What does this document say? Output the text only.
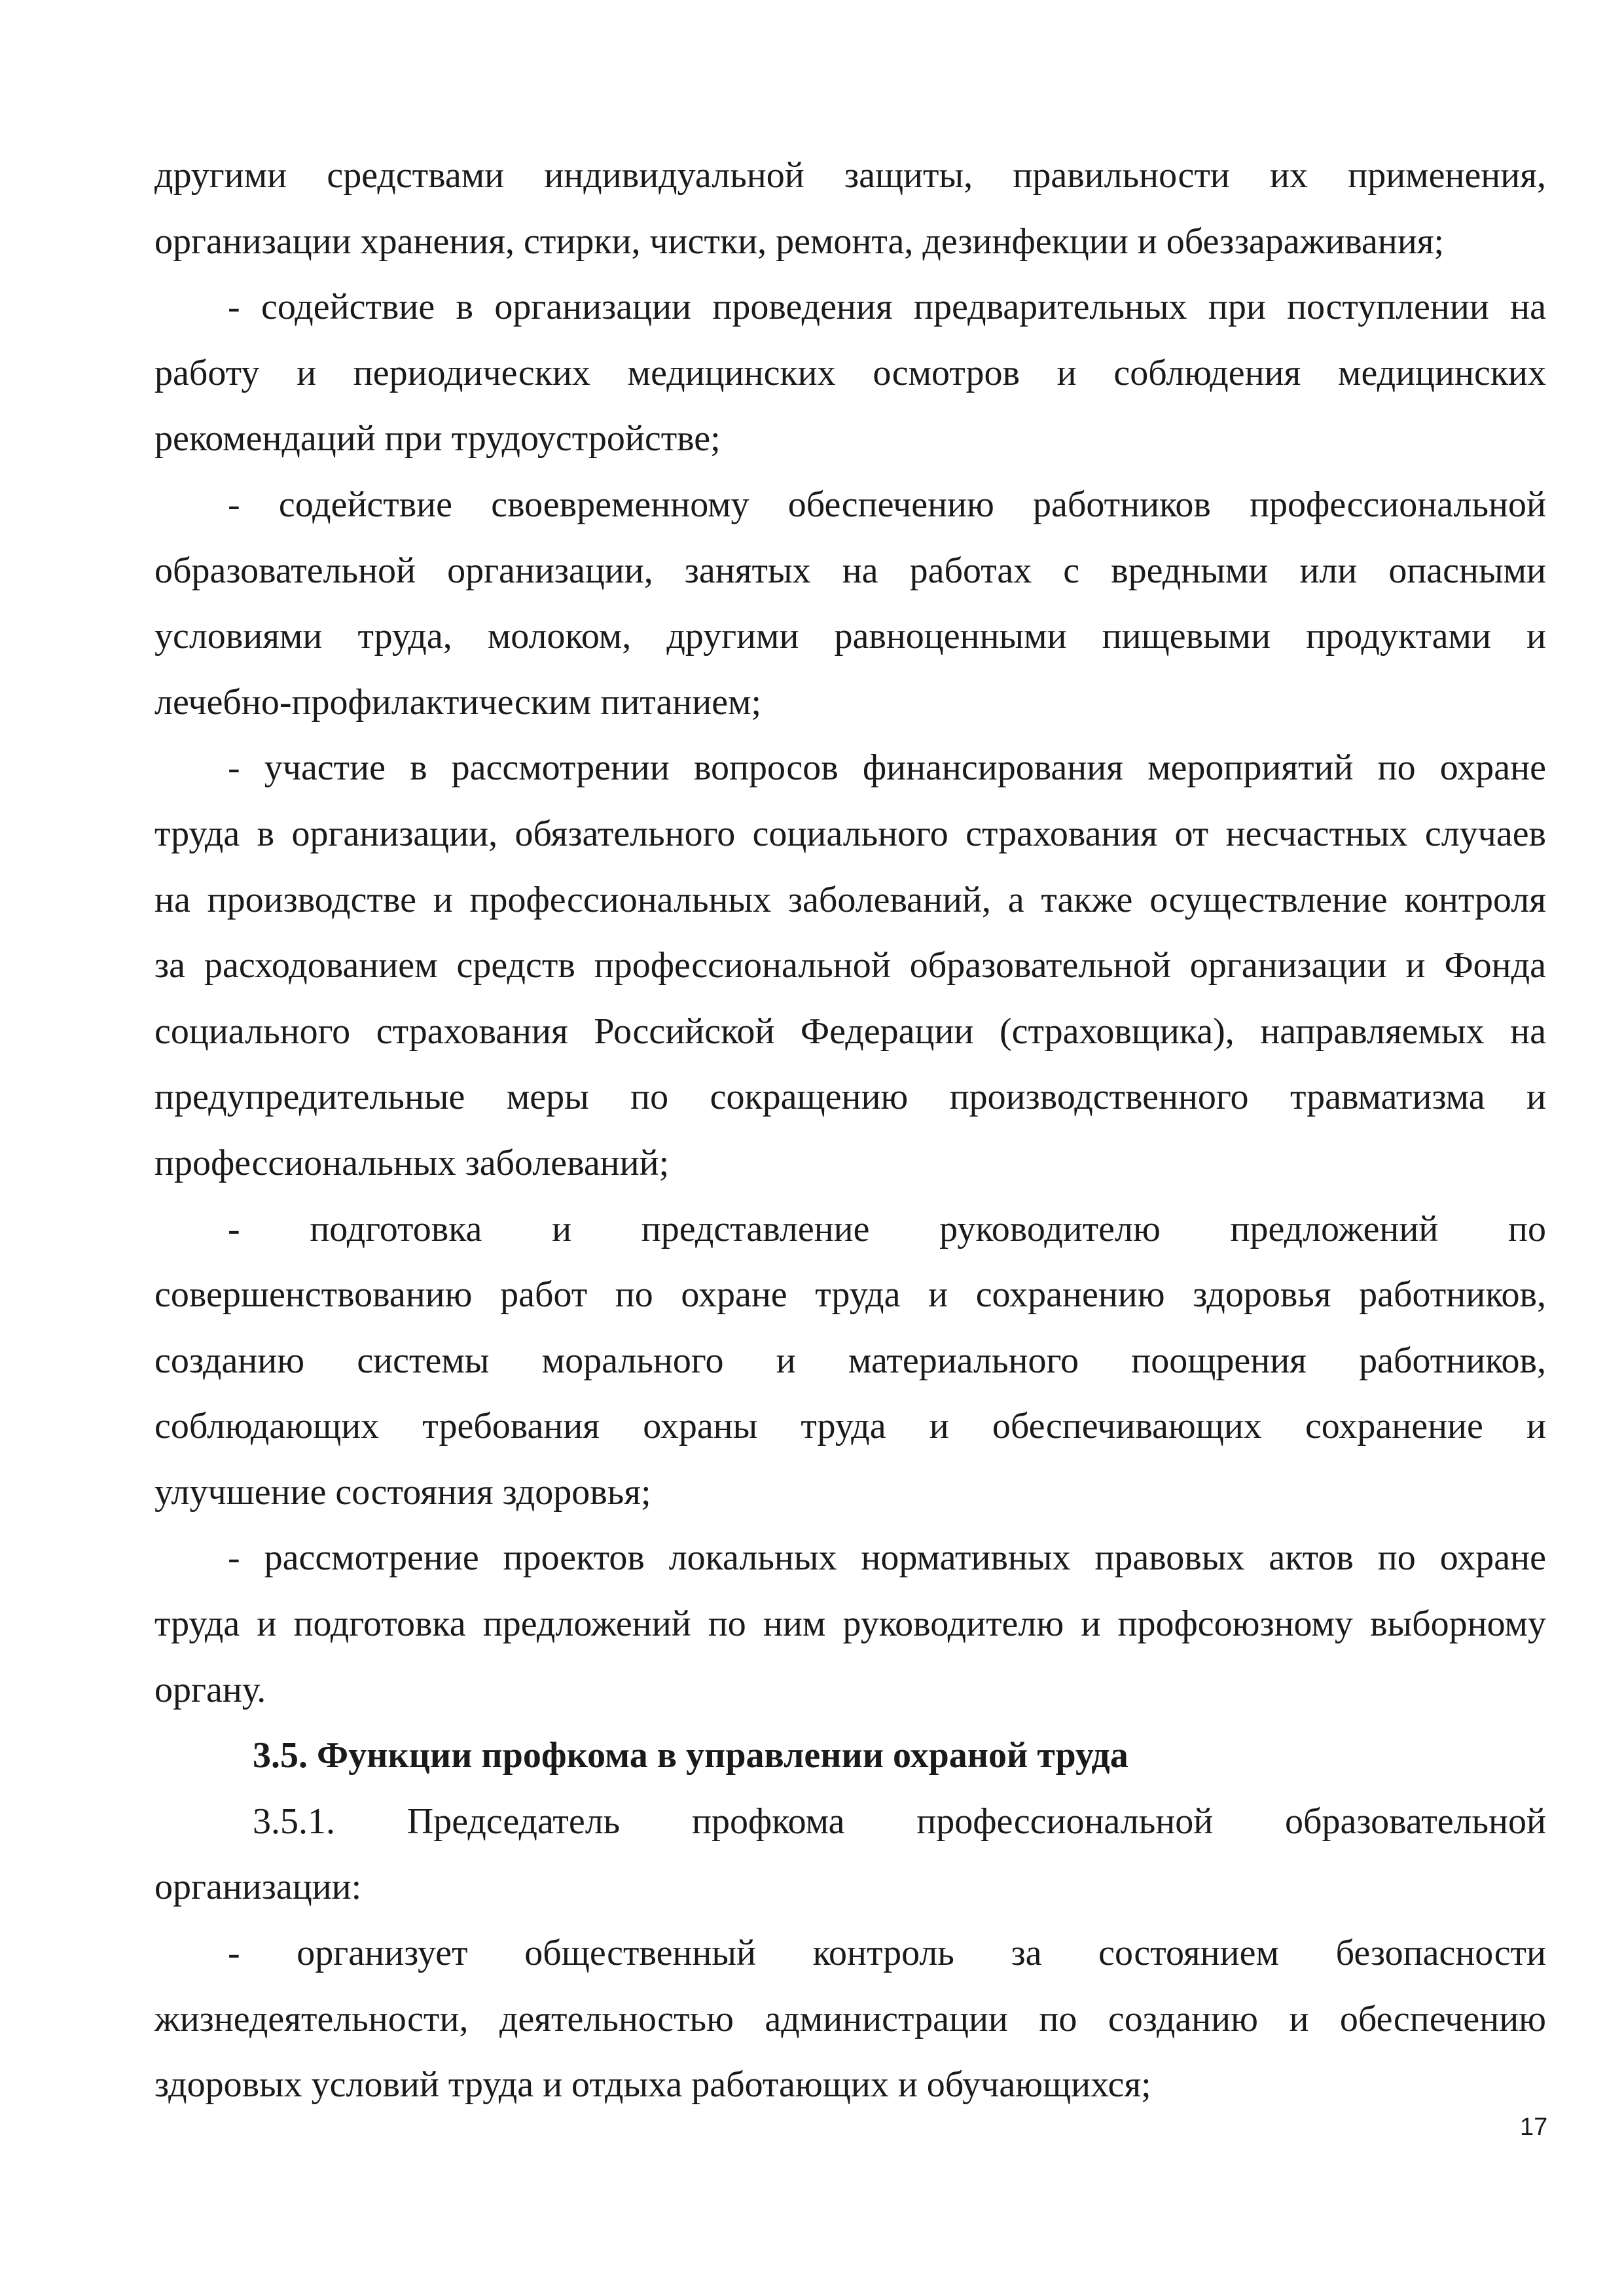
другими средствами индивидуальной защиты, правильности их применения,

организации хранения, стирки, чистки, ремонта, дезинфекции и обеззараживания;

- содействие в организации проведения предварительных при поступлении на

работу и периодических медицинских осмотров и соблюдения медицинских

рекомендаций при трудоустройстве;

- содействие своевременному обеспечению работников профессиональной

образовательной организации, занятых на работах с вредными или опасными

условиями труда, молоком, другими равноценными пищевыми продуктами и

лечебно-профилактическим питанием;

- участие в рассмотрении вопросов финансирования мероприятий по охране

труда в организации, обязательного социального страхования от несчастных случаев

на производстве и профессиональных заболеваний, а также осуществление контроля

за расходованием средств профессиональной образовательной организации и Фонда

социального страхования Российской Федерации (страховщика), направляемых на

предупредительные меры по сокращению производственного травматизма и

профессиональных заболеваний;

- подготовка и представление руководителю предложений по

совершенствованию работ по охране труда и сохранению здоровья работников,

созданию системы морального и материального поощрения работников,

соблюдающих требования охраны труда и обеспечивающих сохранение и

улучшение состояния здоровья;

- рассмотрение проектов локальных нормативных правовых актов по охране

труда и подготовка предложений по ним руководителю и профсоюзному выборному

органу.

3.5. Функции профкома в управлении охраной труда

3.5.1. Председатель профкома профессиональной образовательной

организации:

- организует общественный контроль за состоянием безопасности

жизнедеятельности, деятельностью администрации по созданию и обеспечению

здоровых условий труда и отдыха работающих и обучающихся;

17
